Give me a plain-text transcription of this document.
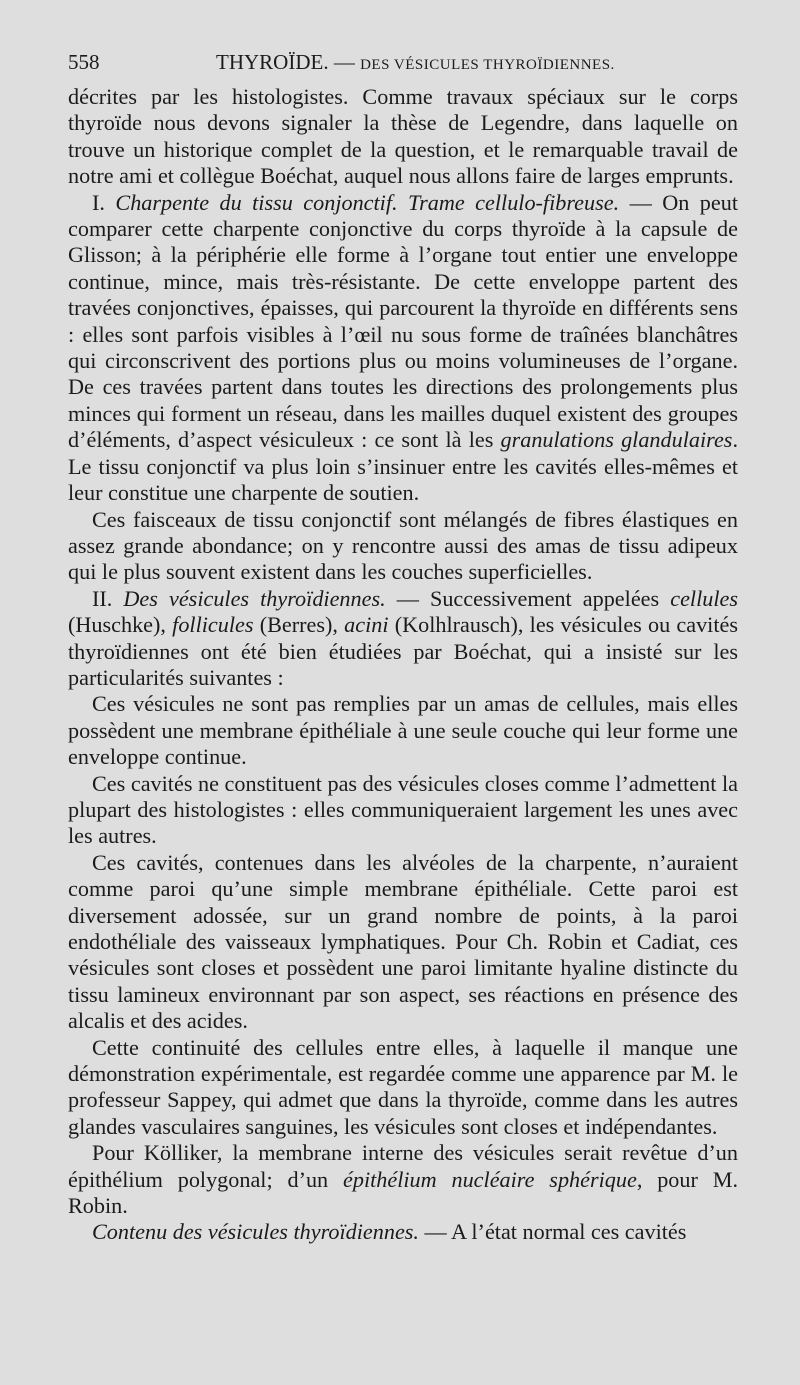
558	THYROÏDE. — DES VÉSICULES THYROÏDIENNES.

décrites par les histologistes. Comme travaux spéciaux sur le corps thyroïde nous devons signaler la thèse de Legendre, dans laquelle on trouve un historique complet de la question, et le remarquable travail de notre ami et collègue Boéchat, auquel nous allons faire de larges emprunts.

I. Charpente du tissu conjonctif. Trame cellulo-fibreuse. — On peut comparer cette charpente conjonctive du corps thyroïde à la capsule de Glisson; à la périphérie elle forme à l’organe tout entier une enveloppe continue, mince, mais très-résistante. De cette enveloppe partent des travées conjonctives, épaisses, qui parcourent la thyroïde en différents sens : elles sont parfois visibles à l’œil nu sous forme de traînées blanchâtres qui circonscrivent des portions plus ou moins volumineuses de l’organe. De ces travées partent dans toutes les directions des prolongements plus minces qui forment un réseau, dans les mailles duquel existent des groupes d’éléments, d’aspect vésiculeux : ce sont là les granulations glandulaires. Le tissu conjonctif va plus loin s’insinuer entre les cavités elles-mêmes et leur constitue une charpente de soutien.

Ces faisceaux de tissu conjonctif sont mélangés de fibres élastiques en assez grande abondance; on y rencontre aussi des amas de tissu adipeux qui le plus souvent existent dans les couches superficielles.

II. Des vésicules thyroïdiennes. — Successivement appelées cellules (Huschke), follicules (Berres), acini (Kolhlrausch), les vésicules ou cavités thyroïdiennes ont été bien étudiées par Boéchat, qui a insisté sur les particularités suivantes :

Ces vésicules ne sont pas remplies par un amas de cellules, mais elles possèdent une membrane épithéliale à une seule couche qui leur forme une enveloppe continue.

Ces cavités ne constituent pas des vésicules closes comme l’admettent la plupart des histologistes : elles communiqueraient largement les unes avec les autres.

Ces cavités, contenues dans les alvéoles de la charpente, n’auraient comme paroi qu’une simple membrane épithéliale. Cette paroi est diversement adossée, sur un grand nombre de points, à la paroi endothéliale des vaisseaux lymphatiques. Pour Ch. Robin et Cadiat, ces vésicules sont closes et possèdent une paroi limitante hyaline distincte du tissu lamineux environnant par son aspect, ses réactions en présence des alcalis et des acides.

Cette continuité des cellules entre elles, à laquelle il manque une démonstration expérimentale, est regardée comme une apparence par M. le professeur Sappey, qui admet que dans la thyroïde, comme dans les autres glandes vasculaires sanguines, les vésicules sont closes et indépendantes.

Pour Kölliker, la membrane interne des vésicules serait revêtue d’un épithélium polygonal; d’un épithélium nucléaire sphérique, pour M. Robin.

Contenu des vésicules thyroïdiennes. — A l’état normal ces cavités
